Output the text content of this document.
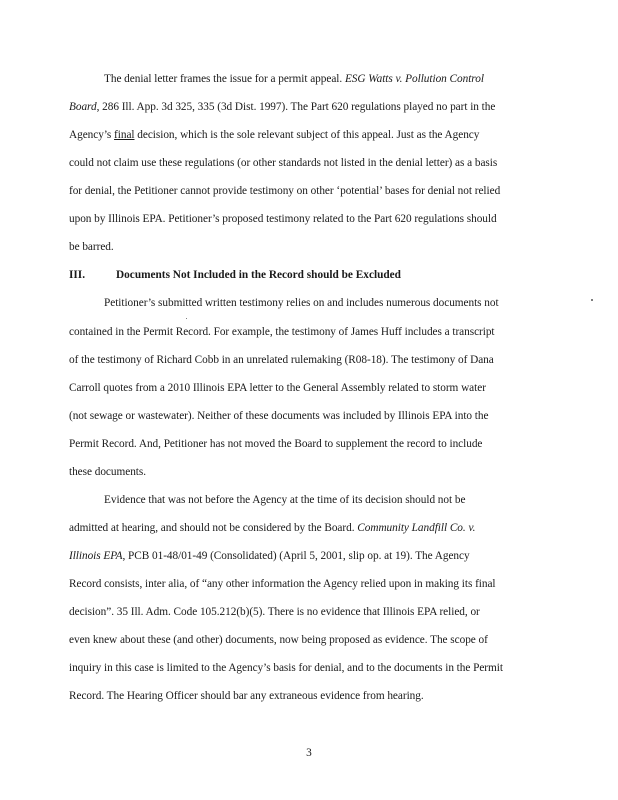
The denial letter frames the issue for a permit appeal. ESG Watts v. Pollution Control
Board, 286 Ill. App. 3d 325, 335 (3d Dist. 1997). The Part 620 regulations played no part in the
Agency’s final decision, which is the sole relevant subject of this appeal. Just as the Agency
could not claim use these regulations (or other standards not listed in the denial letter) as a basis
for denial, the Petitioner cannot provide testimony on other ‘potential’ bases for denial not relied
upon by Illinois EPA. Petitioner’s proposed testimony related to the Part 620 regulations should
be barred.
III.	Documents Not Included in the Record should be Excluded
Petitioner’s submitted written testimony relies on and includes numerous documents not
contained in the Permit Record. For example, the testimony of James Huff includes a transcript
of the testimony of Richard Cobb in an unrelated rulemaking (R08-18). The testimony of Dana
Carroll quotes from a 2010 Illinois EPA letter to the General Assembly related to storm water
(not sewage or wastewater). Neither of these documents was included by Illinois EPA into the
Permit Record. And, Petitioner has not moved the Board to supplement the record to include
these documents.
Evidence that was not before the Agency at the time of its decision should not be
admitted at hearing, and should not be considered by the Board. Community Landfill Co. v.
Illinois EPA, PCB 01-48/01-49 (Consolidated) (April 5, 2001, slip op. at 19). The Agency
Record consists, inter alia, of “any other information the Agency relied upon in making its final
decision”. 35 Ill. Adm. Code 105.212(b)(5). There is no evidence that Illinois EPA relied, or
even knew about these (and other) documents, now being proposed as evidence. The scope of
inquiry in this case is limited to the Agency’s basis for denial, and to the documents in the Permit
Record. The Hearing Officer should bar any extraneous evidence from hearing.
3
